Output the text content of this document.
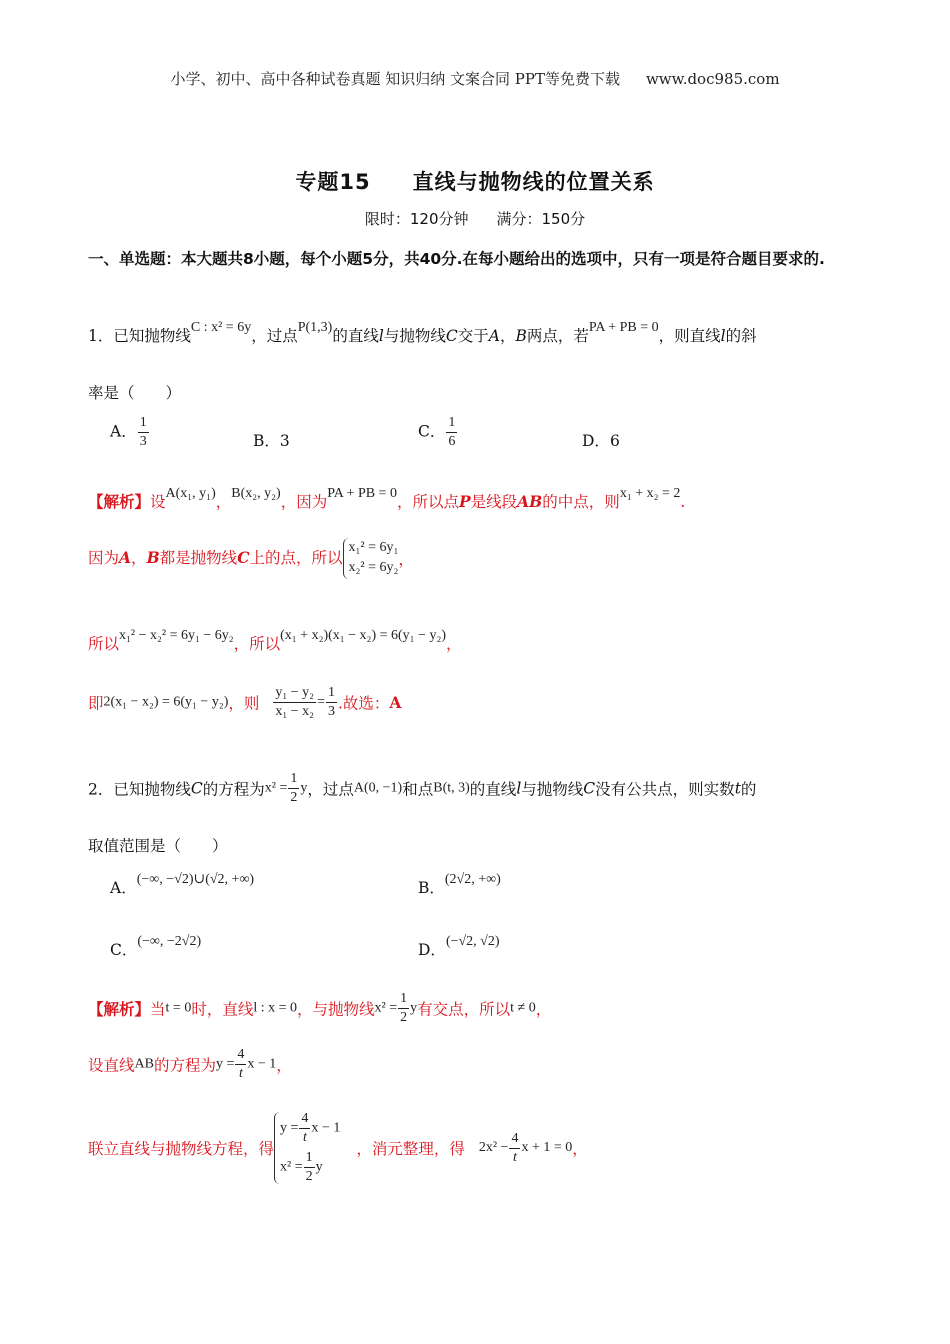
小学、初中、高中各种试卷真题 知识归纳 文案合同 PPT等免费下载 www.doc985.com
专题15 直线与抛物线的位置关系
限时：120分钟 满分：150分
一、单选题：本大题共8小题，每个小题5分，共40分.在每小题给出的选项中，只有一项是符合题目要求的.
1．已知抛物线C : x² = 6y，过点P(1,3)的直线l与抛物线C交于A，B两点，若PA + PB = 0，则直线l的斜
率是（　　）
A． $\frac{1}{3}$	B．3
C． $\frac{1}{6}$	D．6
【解析】设A(x₁, y₁)，B(x₂, y₂)，因为PA + PB = 0，所以点P是线段AB的中点，则x₁ + x₂ = 2.
因为A，B都是抛物线C上的点，所以
x₁² = 6y₁
x₂² = 6y₂ ，
所以x₁² − x₂² = 6y₁ − 6y₂，所以(x₁ + x₂)(x₁ − x₂) = 6(y₁ − y₂)，
即2(x₁ − x₂) = 6(y₁ − y₂)，则 $\frac{\text{y₁ − y₂}}{\text{x₁ − x₂}} = \frac{1}{3}$ .故选：A
2．已知抛物线C的方程为$x^2 = \frac{1}{2}$ y，过点A(0, −1)和点B(t, 3)的直线l与抛物线C没有公共点，则实数t的
取值范围是（　　）
A．(−∞, −√2)∪(√2, +∞)	B．(2√2, +∞)
C．(−∞, −2√2)	D．(−√2, √2)
【解析】当t = 0时，直线l : x = 0，与抛物线$x^2 = \frac{1}{2}$ y有交点，所以t ≠ 0，
设直线AB的方程为$y = \frac{4}{t}$ x − 1，
联立直线与抛物线方程，得
$y = \frac{4}{t}$ x − 1
$x^2 = \frac{1}{2}$ y
，消元整理，得 $2x^2 - \frac{4}{t}$ x + 1 = 0，
